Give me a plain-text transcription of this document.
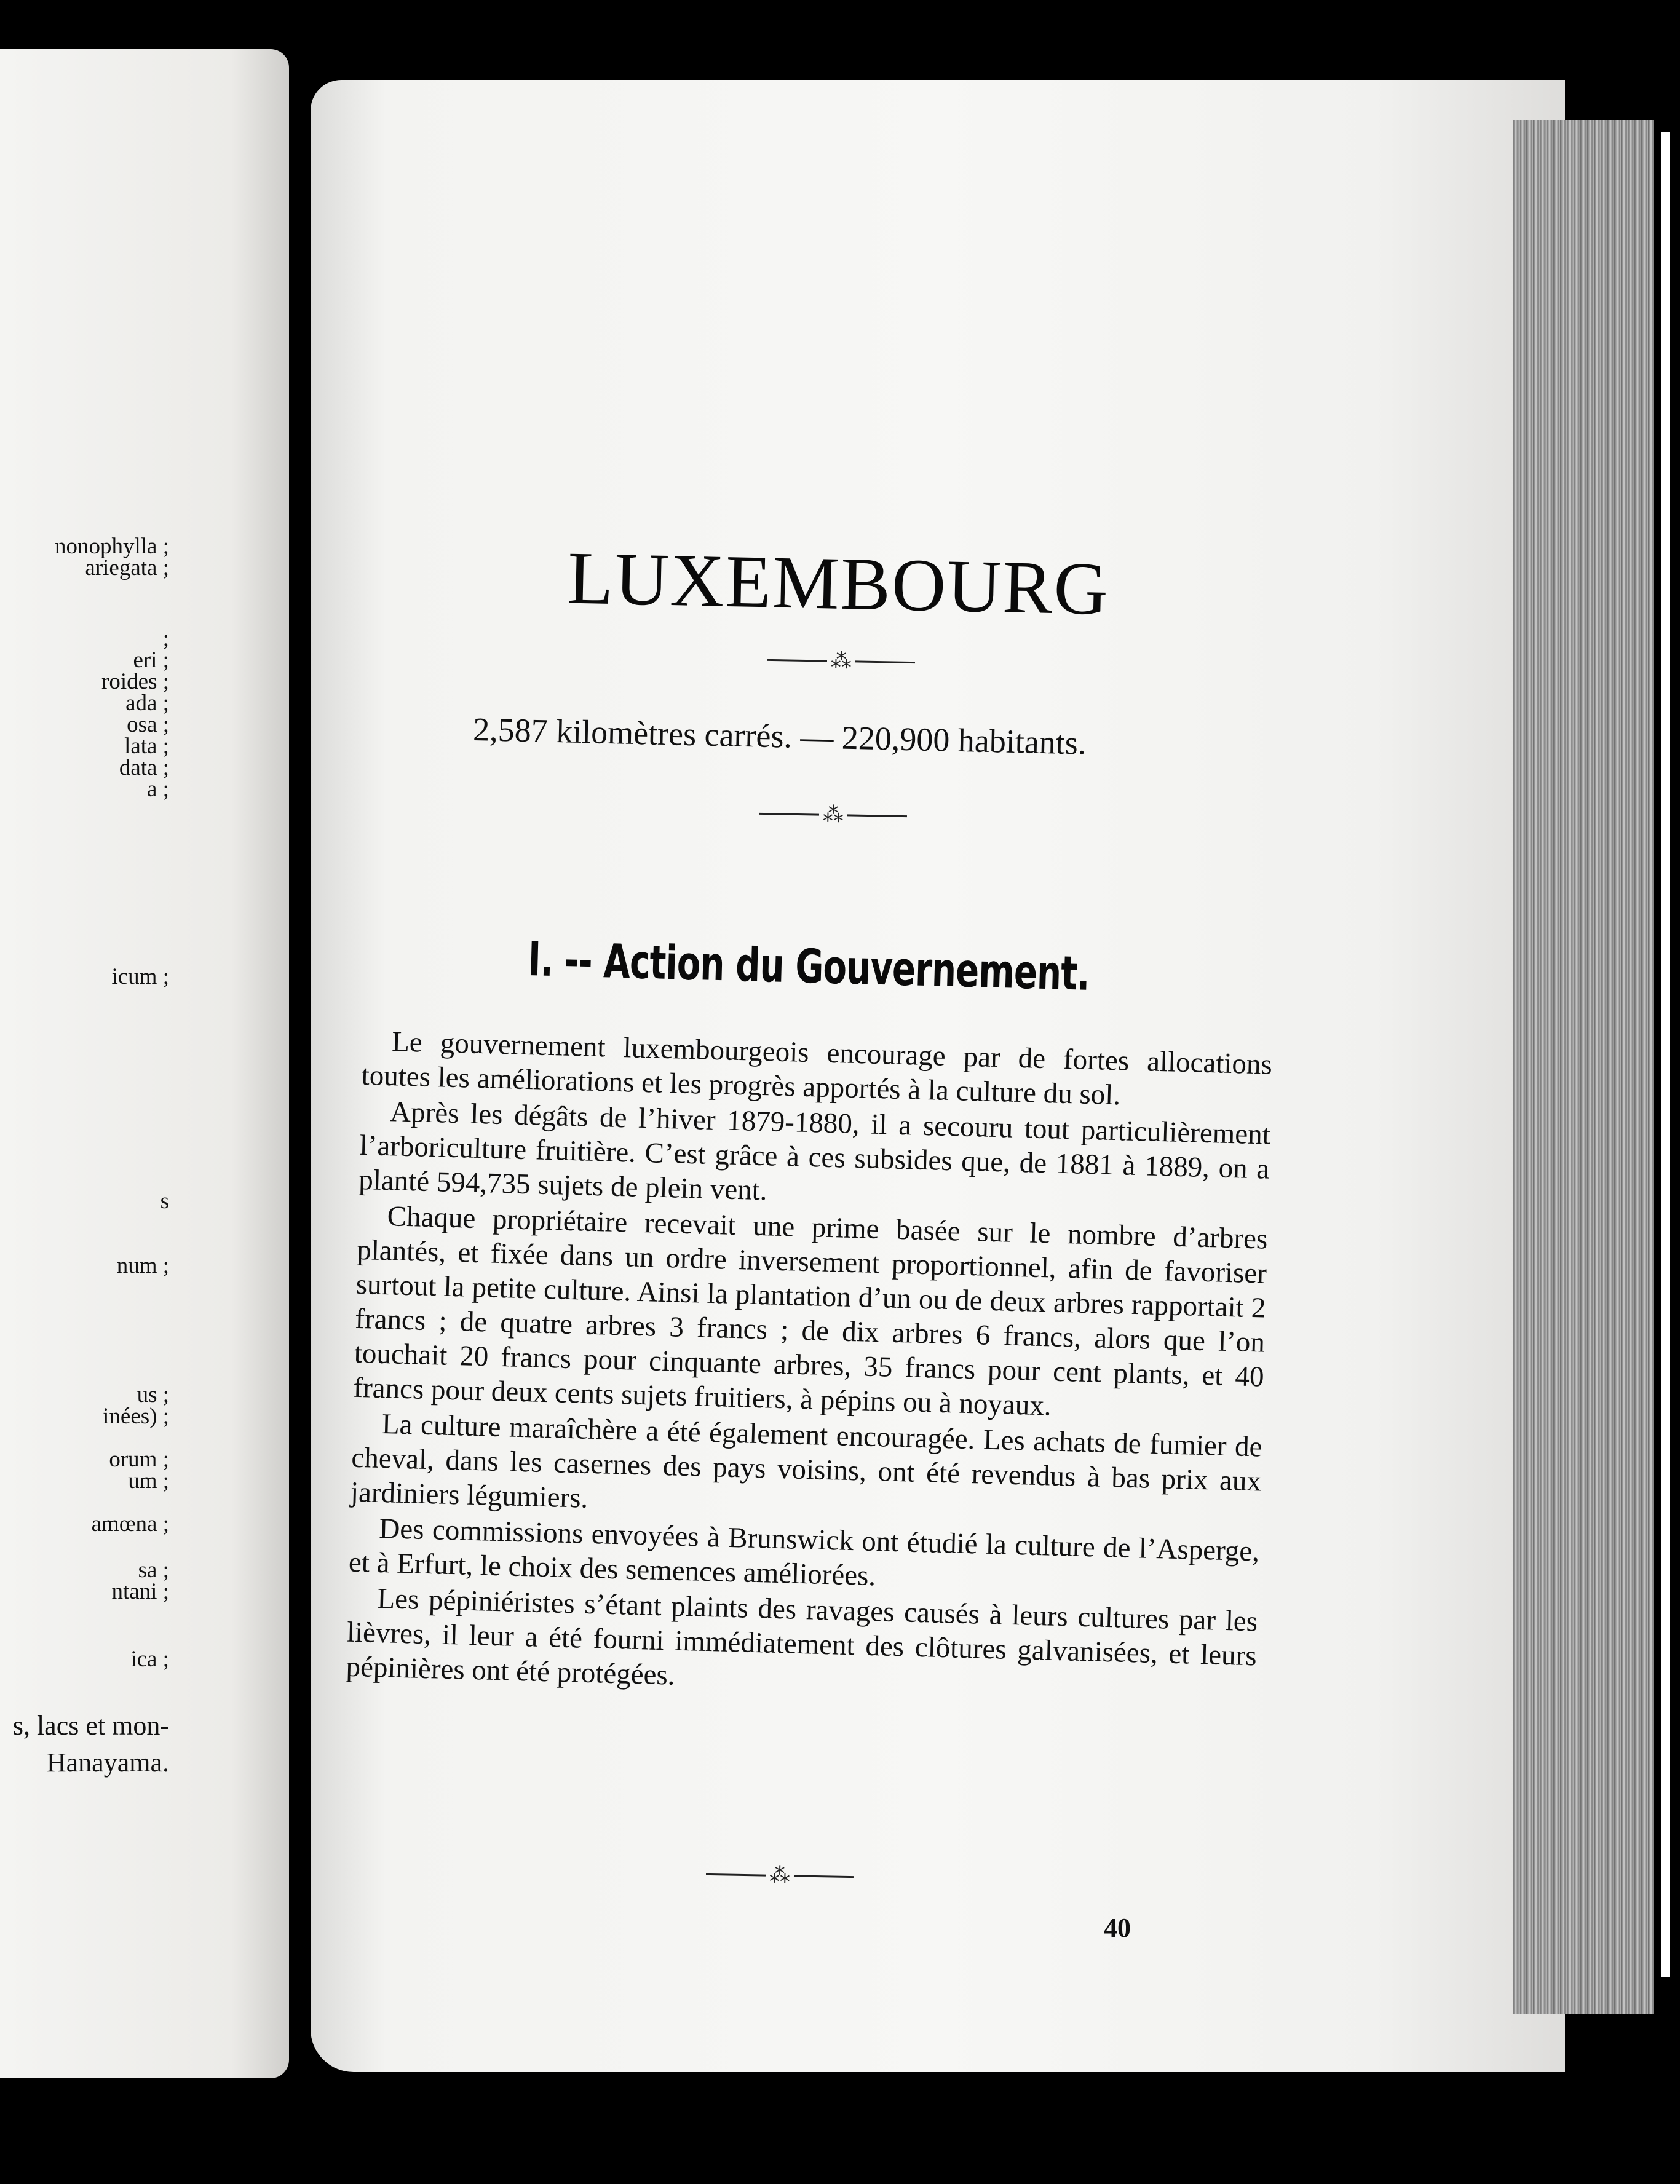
nonophylla ;

ariegata ;

;

eri ;

roides ;

ada ;

osa ;

lata ;

data ;

a ;

icum ;

s

num ;

us ;

inées) ;

orum ;

um ;

amœna ;

sa ;

ntani ;

ica ;

s, lacs et mon-

Hanayama.

LUXEMBOURG
⁂

2,587 kilomètres carrés. — 220,900 habitants.

⁂
I. -- Action du Gouvernement.

Le gouvernement luxembourgeois encourage par de fortes allocations toutes les améliorations et les progrès apportés à la culture du sol.

Après les dégâts de l’hiver 1879-1880, il a secouru tout particulièrement l’arboriculture fruitière. C’est grâce à ces subsides que, de 1881 à 1889, on a planté 594,735 sujets de plein vent.

Chaque propriétaire recevait une prime basée sur le nombre d’arbres plantés, et fixée dans un ordre inversement proportionnel, afin de favoriser surtout la petite culture. Ainsi la plantation d’un ou de deux arbres rapportait 2 francs ; de quatre arbres 3 francs ; de dix arbres 6 francs, alors que l’on touchait 20 francs pour cinquante arbres, 35 francs pour cent plants, et 40 francs pour deux cents sujets fruitiers, à pépins ou à noyaux.

La culture maraîchère a été également encouragée. Les achats de fumier de cheval, dans les casernes des pays voisins, ont été revendus à bas prix aux jardiniers légumiers.

Des commissions envoyées à Brunswick ont étudié la culture de l’Asperge, et à Erfurt, le choix des semences améliorées.

Les pépiniéristes s’étant plaints des ravages causés à leurs cultures par les lièvres, il leur a été fourni immédiatement des clôtures galvanisées, et leurs pépinières ont été protégées.

⁂

40
